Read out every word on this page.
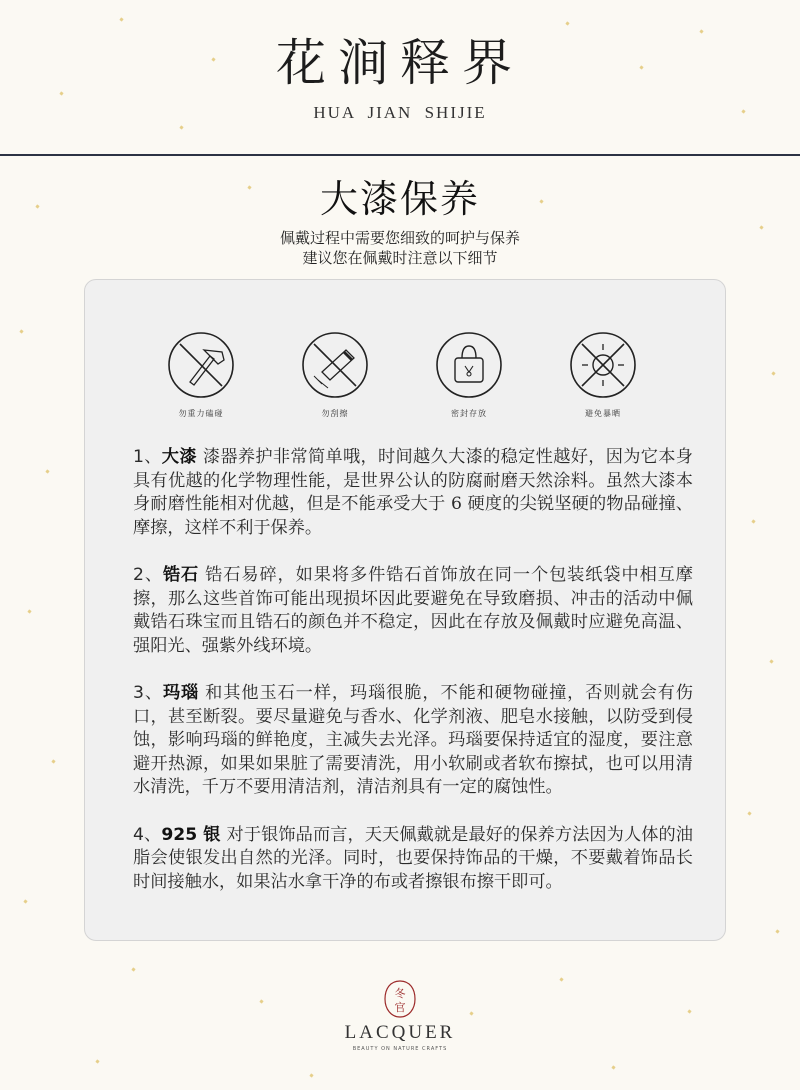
花涧释界
HUA JIAN SHIJIE
大漆保养
佩戴过程中需要您细致的呵护与保养
建议您在佩戴时注意以下细节
勿重力磕碰	勿刮擦	密封存放	避免暴晒

1、大漆 漆器养护非常简单哦，时间越久大漆的稳定性越好，因为它本身具有优越的化学物理性能，是世界公认的防腐耐磨天然涂料。虽然大漆本身耐磨性能相对优越，但是不能承受大于 6 硬度的尖锐坚硬的物品碰撞、摩擦，这样不利于保养。

2、锆石 锆石易碎，如果将多件锆石首饰放在同一个包装纸袋中相互摩擦，那么这些首饰可能出现损坏因此要避免在导致磨损、冲击的活动中佩戴锆石珠宝而且锆石的颜色并不稳定，因此在存放及佩戴时应避免高温、强阳光、强紫外线环境。

3、玛瑙 和其他玉石一样，玛瑙很脆，不能和硬物碰撞，否则就会有伤口，甚至断裂。要尽量避免与香水、化学剂液、肥皂水接触，以防受到侵蚀，影响玛瑙的鲜艳度，主减失去光泽。玛瑙要保持适宜的湿度，要注意避开热源，如果如果脏了需要清洗，用小软刷或者软布擦拭，也可以用清水清洗，千万不要用清洁剂，清洁剂具有一定的腐蚀性。

4、925 银 对于银饰品而言，天天佩戴就是最好的保养方法因为人体的油脂会使银发出自然的光泽。同时，也要保持饰品的干燥，不要戴着饰品长时间接触水，如果沾水拿干净的布或者擦银布擦干即可。

冬
官
LACQUER
BEAUTY ON NATURE CRAFTS
